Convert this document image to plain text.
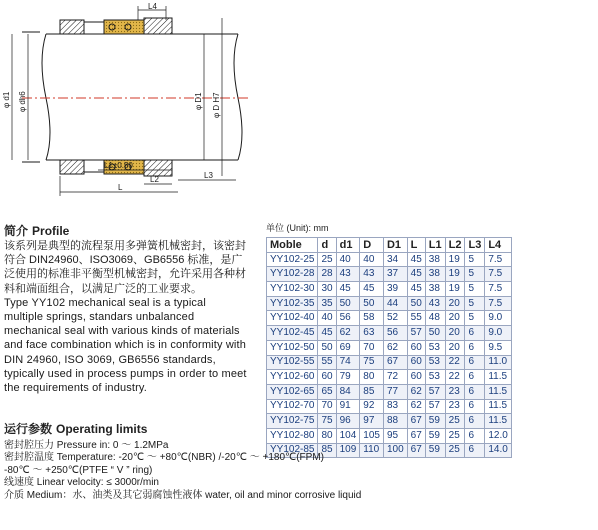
L4
φ d1 φ dh6	φ D1 φ D H7
L1±0.50
L2	L3
L
简介 Profile

该系列是典型的流程泵用多弹簧机械密封，该密封符合 DIN24960、ISO3069、GB6556 标准，是广泛使用的标准非平衡型机械密封，允许采用各种材料和端面组合，以满足广泛的工业要求。

Type YY102 mechanical seal is a typical multiple springs, standars unbalanced mechanical seal with various kinds of materials and face combination which is in conformity with DIN 24960, ISO 3069, GB6556 standards, typically used in process pumps in order to meet the requirements of industry.

单位 (Unit): mm
Moble	d	d1	D	D1	L	L1	L2	L3	L4
YY102-25	25	40	40	34	45	38	19	5	7.5
YY102-28	28	43	43	37	45	38	19	5	7.5
YY102-30	30	45	45	39	45	38	19	5	7.5
YY102-35	35	50	50	44	50	43	20	5	7.5
YY102-40	40	56	58	52	55	48	20	5	9.0
YY102-45	45	62	63	56	57	50	20	6	9.0
YY102-50	50	69	70	62	60	53	20	6	9.5
YY102-55	55	74	75	67	60	53	22	6	11.0
YY102-60	60	79	80	72	60	53	22	6	11.5
YY102-65	65	84	85	77	62	57	23	6	11.5
YY102-70	70	91	92	83	62	57	23	6	11.5
YY102-75	75	96	97	88	67	59	25	6	11.5
YY102-80	80	104	105	95	67	59	25	6	12.0
YY102-85	85	109	110	100	67	59	25	6	14.0
运行参数 Operating limits
密封腔压力 Pressure in: 0 ～ 1.2MPa
密封腔温度 Temperature: -20℃ ～ +80℃(NBR) /-20℃ ～ +180℃(FPM)
-80℃ ～ +250℃(PTFE “ V ” ring)
线速度 Linear velocity: ≤ 3000r/min
介质 Medium：水、油类及其它弱腐蚀性液体 water, oil and minor corrosive liquid
